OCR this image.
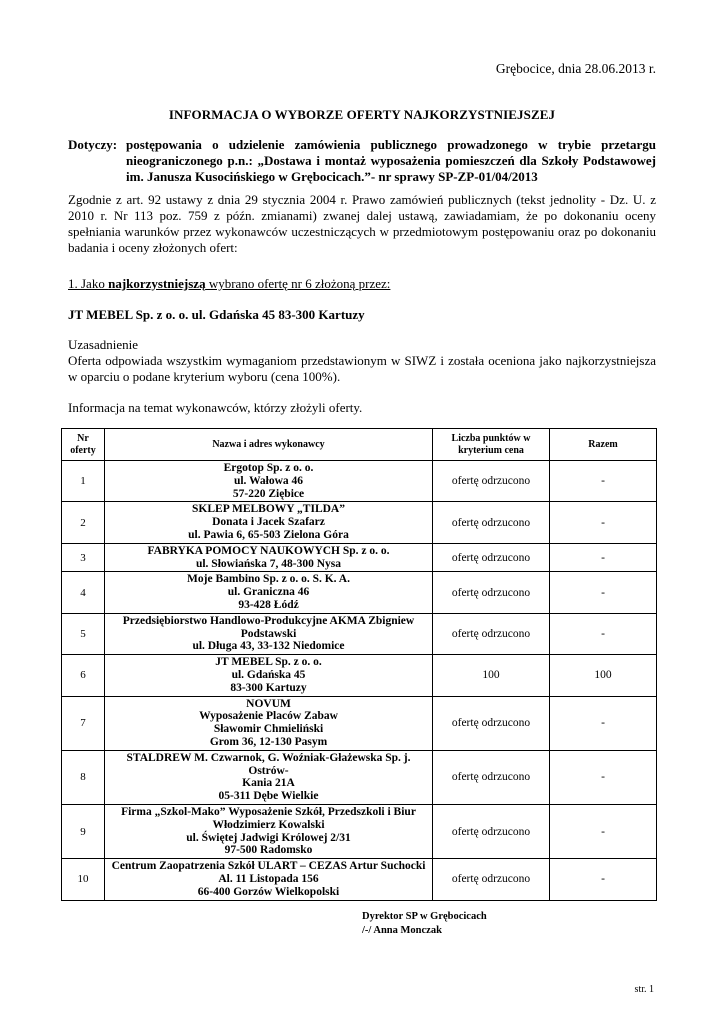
Grębocice, dnia 28.06.2013 r.
INFORMACJA O WYBORZE OFERTY NAJKORZYSTNIEJSZEJ
Dotyczy: postępowania o udzielenie zamówienia publicznego prowadzonego w trybie przetargu nieograniczonego p.n.: „Dostawa i montaż wyposażenia pomieszczeń dla Szkoły Podstawowej im. Janusza Kusocińskiego w Grębocicach.”- nr sprawy SP-ZP-01/04/2013
Zgodnie z art. 92 ustawy z dnia 29 stycznia 2004 r. Prawo zamówień publicznych (tekst jednolity - Dz. U. z 2010 r. Nr 113 poz. 759 z późn. zmianami) zwanej dalej ustawą, zawiadamiam, że po dokonaniu oceny spełniania warunków przez wykonawców uczestniczących w przedmiotowym postępowaniu oraz po dokonaniu badania i oceny złożonych ofert:
1. Jako najkorzystniejszą wybrano ofertę nr 6 złożoną przez:
JT MEBEL Sp. z o. o. ul. Gdańska 45 83-300 Kartuzy
Uzasadnienie
Oferta odpowiada wszystkim wymaganiom przedstawionym w SIWZ i została oceniona jako najkorzystniejsza w oparciu o podane kryterium wyboru (cena 100%).
Informacja na temat wykonawców, którzy złożyli oferty.
Nr oferty	Nazwa i adres wykonawcy	Liczba punktów w kryterium cena	Razem
1	Ergotop Sp. z o. o.
ul. Wałowa 46
57-220 Ziębice	ofertę odrzucono	-
2	SKLEP MELBOWY „TILDA”
Donata i Jacek Szafarz
ul. Pawia 6, 65-503 Zielona Góra	ofertę odrzucono	-
3	FABRYKA POMOCY NAUKOWYCH Sp. z o. o.
ul. Słowiańska 7, 48-300 Nysa	ofertę odrzucono	-
4	Moje Bambino Sp. z o. o. S. K. A.
ul. Graniczna 46
93-428 Łódź	ofertę odrzucono	-
5	Przedsiębiorstwo Handlowo-Produkcyjne AKMA Zbigniew
Podstawski
ul. Długa 43, 33-132 Niedomice	ofertę odrzucono	-
6	JT MEBEL Sp. z o. o.
ul. Gdańska 45
83-300 Kartuzy	100	100
7	NOVUM
Wyposażenie Placów Zabaw
Sławomir Chmieliński
Grom 36, 12-130 Pasym	ofertę odrzucono	-
8	STALDREW M. Czwarnok, G. Woźniak-Głażewska Sp. j. Ostrów-
Kania 21A
05-311 Dębe Wielkie	ofertę odrzucono	-
9	Firma „Szkol-Mako” Wyposażenie Szkół, Przedszkoli i Biur
Włodzimierz Kowalski
ul. Świętej Jadwigi Królowej 2/31
97-500 Radomsko	ofertę odrzucono	-
10	Centrum Zaopatrzenia Szkół ULART – CEZAS Artur Suchocki
Al. 11 Listopada 156
66-400 Gorzów Wielkopolski	ofertę odrzucono	-
Dyrektor SP w Grębocicach
/-/ Anna Monczak
str. 1
